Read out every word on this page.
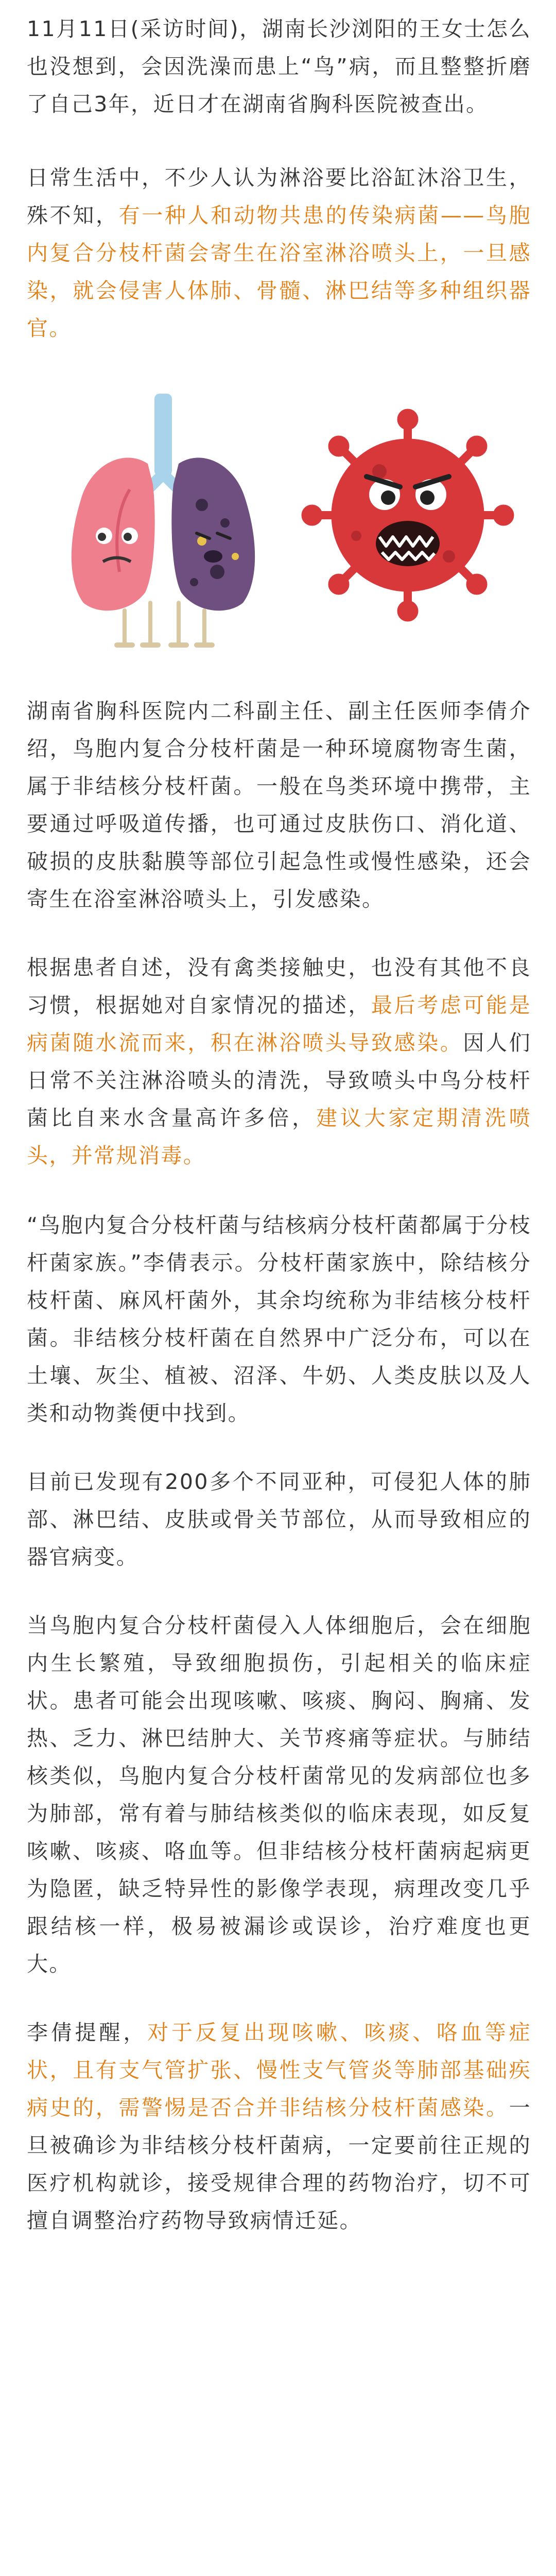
11月11日(采访时间)，湖南长沙浏阳的王女士怎么也没想到，会因洗澡而患上“鸟”病，而且整整折磨了自己3年，近日才在湖南省胸科医院被查出。

日常生活中，不少人认为淋浴要比浴缸沐浴卫生，殊不知，有一种人和动物共患的传染病菌——鸟胞内复合分枝杆菌会寄生在浴室淋浴喷头上，一旦感染，就会侵害人体肺、骨髓、淋巴结等多种组织器官。

湖南省胸科医院内二科副主任、副主任医师李倩介绍，鸟胞内复合分枝杆菌是一种环境腐物寄生菌，属于非结核分枝杆菌。一般在鸟类环境中携带，主要通过呼吸道传播，也可通过皮肤伤口、消化道、破损的皮肤黏膜等部位引起急性或慢性感染，还会寄生在浴室淋浴喷头上，引发感染。

根据患者自述，没有禽类接触史，也没有其他不良习惯，根据她对自家情况的描述，最后考虑可能是病菌随水流而来，积在淋浴喷头导致感染。因人们日常不关注淋浴喷头的清洗，导致喷头中鸟分枝杆菌比自来水含量高许多倍，建议大家定期清洗喷头，并常规消毒。

“鸟胞内复合分枝杆菌与结核病分枝杆菌都属于分枝杆菌家族。”李倩表示。分枝杆菌家族中，除结核分枝杆菌、麻风杆菌外，其余均统称为非结核分枝杆菌。非结核分枝杆菌在自然界中广泛分布，可以在土壤、灰尘、植被、沼泽、牛奶、人类皮肤以及人类和动物粪便中找到。

目前已发现有200多个不同亚种，可侵犯人体的肺部、淋巴结、皮肤或骨关节部位，从而导致相应的器官病变。

当鸟胞内复合分枝杆菌侵入人体细胞后，会在细胞内生长繁殖，导致细胞损伤，引起相关的临床症状。患者可能会出现咳嗽、咳痰、胸闷、胸痛、发热、乏力、淋巴结肿大、关节疼痛等症状。与肺结核类似，鸟胞内复合分枝杆菌常见的发病部位也多为肺部，常有着与肺结核类似的临床表现，如反复咳嗽、咳痰、咯血等。但非结核分枝杆菌病起病更为隐匿，缺乏特异性的影像学表现，病理改变几乎跟结核一样，极易被漏诊或误诊，治疗难度也更大。

李倩提醒，对于反复出现咳嗽、咳痰、咯血等症状，且有支气管扩张、慢性支气管炎等肺部基础疾病史的，需警惕是否合并非结核分枝杆菌感染。一旦被确诊为非结核分枝杆菌病，一定要前往正规的医疗机构就诊，接受规律合理的药物治疗，切不可擅自调整治疗药物导致病情迁延。
